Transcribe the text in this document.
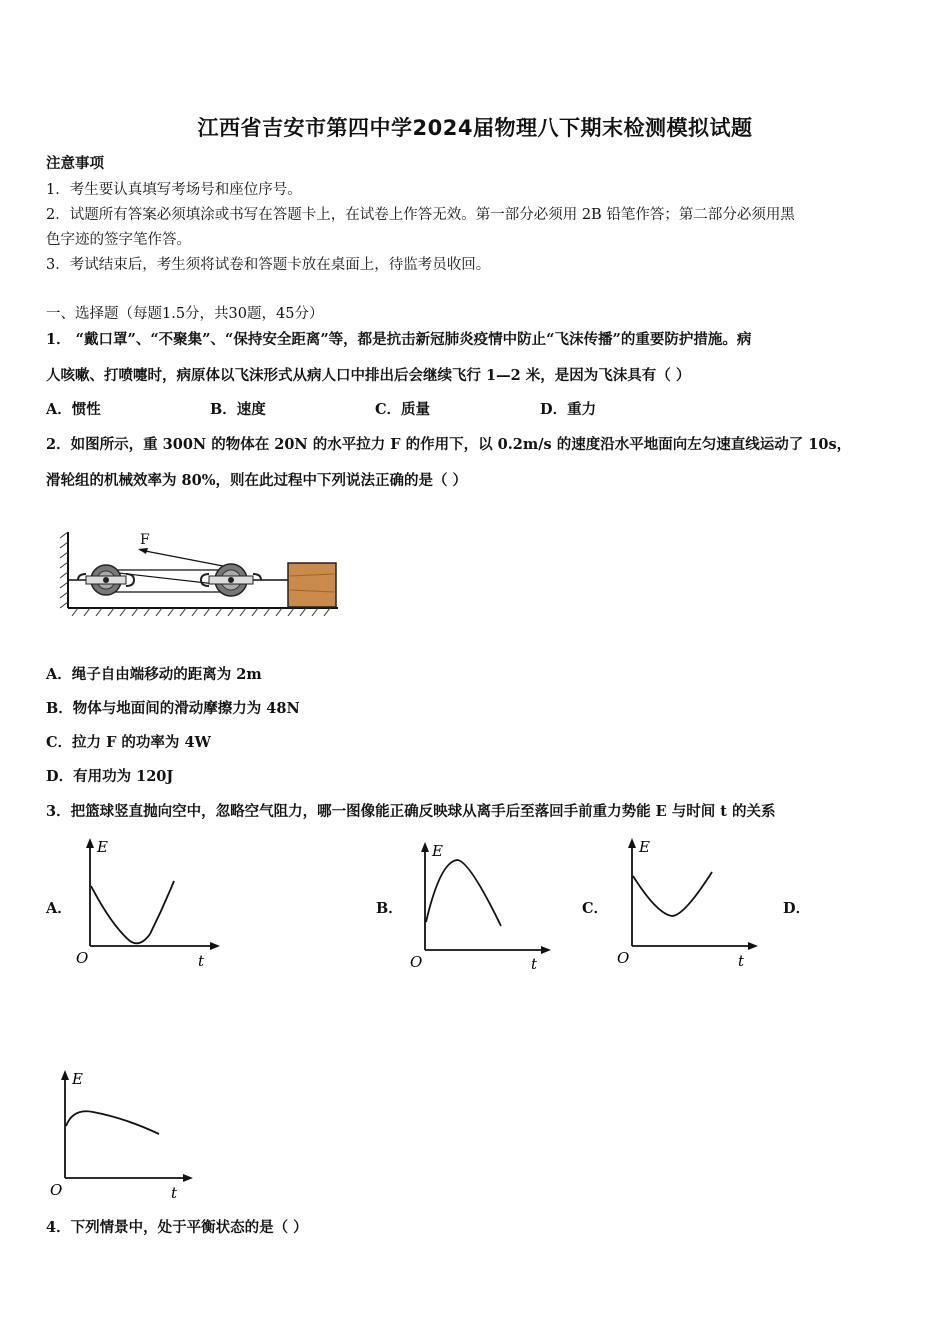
江西省吉安市第四中学2024届物理八下期末检测模拟试题
注意事项
1．考生要认真填写考场号和座位序号。
2．试题所有答案必须填涂或书写在答题卡上，在试卷上作答无效。第一部分必须用 2B 铅笔作答；第二部分必须用黑
色字迹的签字笔作答。
3．考试结束后，考生须将试卷和答题卡放在桌面上，待监考员收回。
一、选择题（每题1.5分，共30题，45分）
1． “戴口罩”、“不聚集”、“保持安全距离”等，都是抗击新冠肺炎疫情中防止“飞沫传播”的重要防护措施。病
人咳嗽、打喷嚏时，病原体以飞沫形式从病人口中排出后会继续飞行 1—2 米，是因为飞沫具有（ ）
A．惯性	B．速度	C．质量	D．重力
2．如图所示，重 300N 的物体在 20N 的水平拉力 F 的作用下，以 0.2m/s 的速度沿水平地面向左匀速直线运动了 10s，
滑轮组的机械效率为 80%，则在此过程中下列说法正确的是（ ）
F
A．绳子自由端移动的距离为 2m
B．物体与地面间的滑动摩擦力为 48N
C．拉力 F 的功率为 4W
D．有用功为 120J
3．把篮球竖直抛向空中，忽略空气阻力，哪一图像能正确反映球从离手后至落回手前重力势能 E 与时间 t 的关系
A．	B．	C．	D．
E
O	t
E
O	t
E
O	t
E
O	t
4．下列情景中，处于平衡状态的是（ ）
